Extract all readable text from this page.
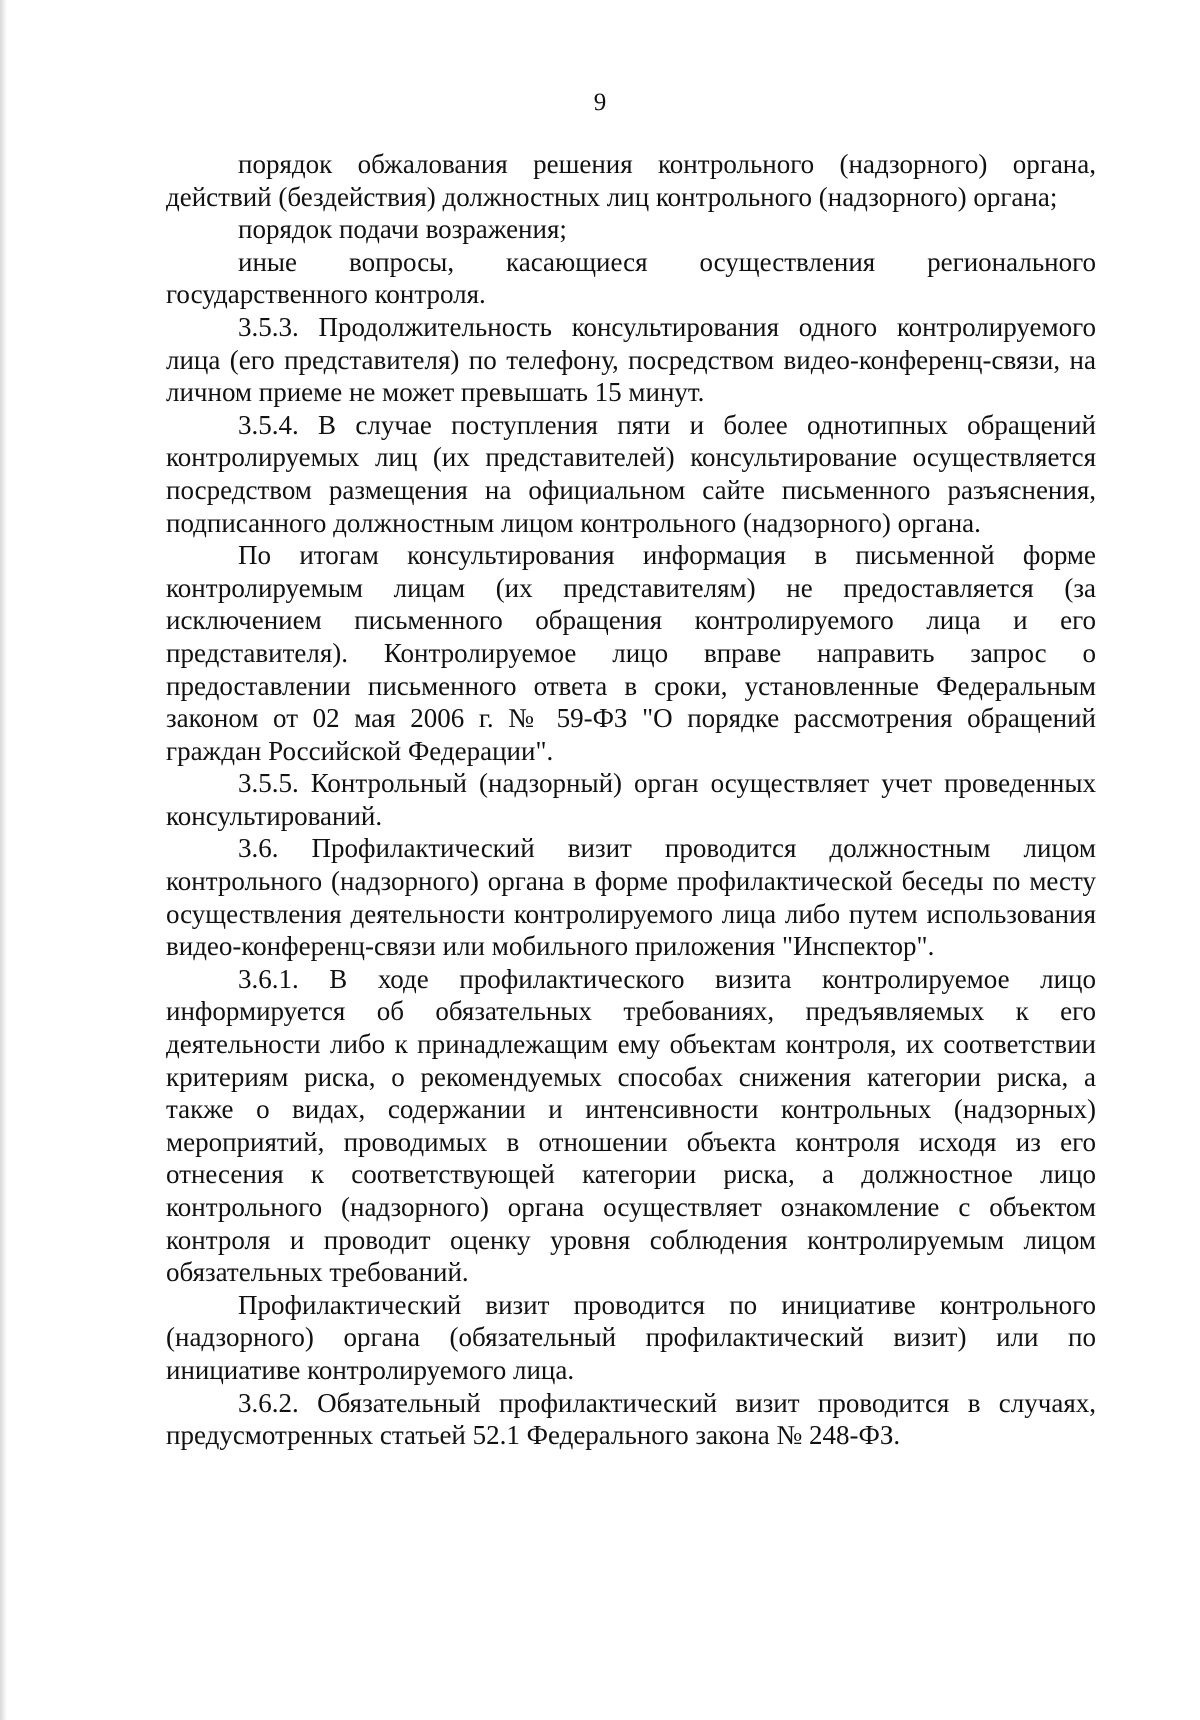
9

порядок обжалования решения контрольного (надзорного) органа, действий (бездействия) должностных лиц контрольного (надзорного) органа;

порядок подачи возражения;

иные вопросы, касающиеся осуществления регионального государственного контроля.

3.5.3. Продолжительность консультирования одного контролируемого лица (его представителя) по телефону, посредством видео-конференц-связи, на личном приеме не может превышать 15 минут.

3.5.4. В случае поступления пяти и более однотипных обращений контролируемых лиц (их представителей) консультирование осуществляется посредством размещения на официальном сайте письменного разъяснения, подписанного должностным лицом контрольного (надзорного) органа.

По итогам консультирования информация в письменной форме контролируемым лицам (их представителям) не предоставляется (за исключением письменного обращения контролируемого лица и его представителя). Контролируемое лицо вправе направить запрос о предоставлении письменного ответа в сроки, установленные Федеральным законом от 02 мая 2006 г. № 59-ФЗ "О порядке рассмотрения обращений граждан Российской Федерации".

3.5.5. Контрольный (надзорный) орган осуществляет учет проведенных консультирований.

3.6. Профилактический визит проводится должностным лицом контрольного (надзорного) органа в форме профилактической беседы по месту осуществления деятельности контролируемого лица либо путем использования видео-конференц-связи или мобильного приложения "Инспектор".

3.6.1. В ходе профилактического визита контролируемое лицо информируется об обязательных требованиях, предъявляемых к его деятельности либо к принадлежащим ему объектам контроля, их соответствии критериям риска, о рекомендуемых способах снижения категории риска, а также о видах, содержании и интенсивности контрольных (надзорных) мероприятий, проводимых в отношении объекта контроля исходя из его отнесения к соответствующей категории риска, а должностное лицо контрольного (надзорного) органа осуществляет ознакомление с объектом контроля и проводит оценку уровня соблюдения контролируемым лицом обязательных требований.

Профилактический визит проводится по инициативе контрольного (надзорного) органа (обязательный профилактический визит) или по инициативе контролируемого лица.

3.6.2. Обязательный профилактический визит проводится в случаях, предусмотренных статьей 52.1 Федерального закона № 248-ФЗ.
